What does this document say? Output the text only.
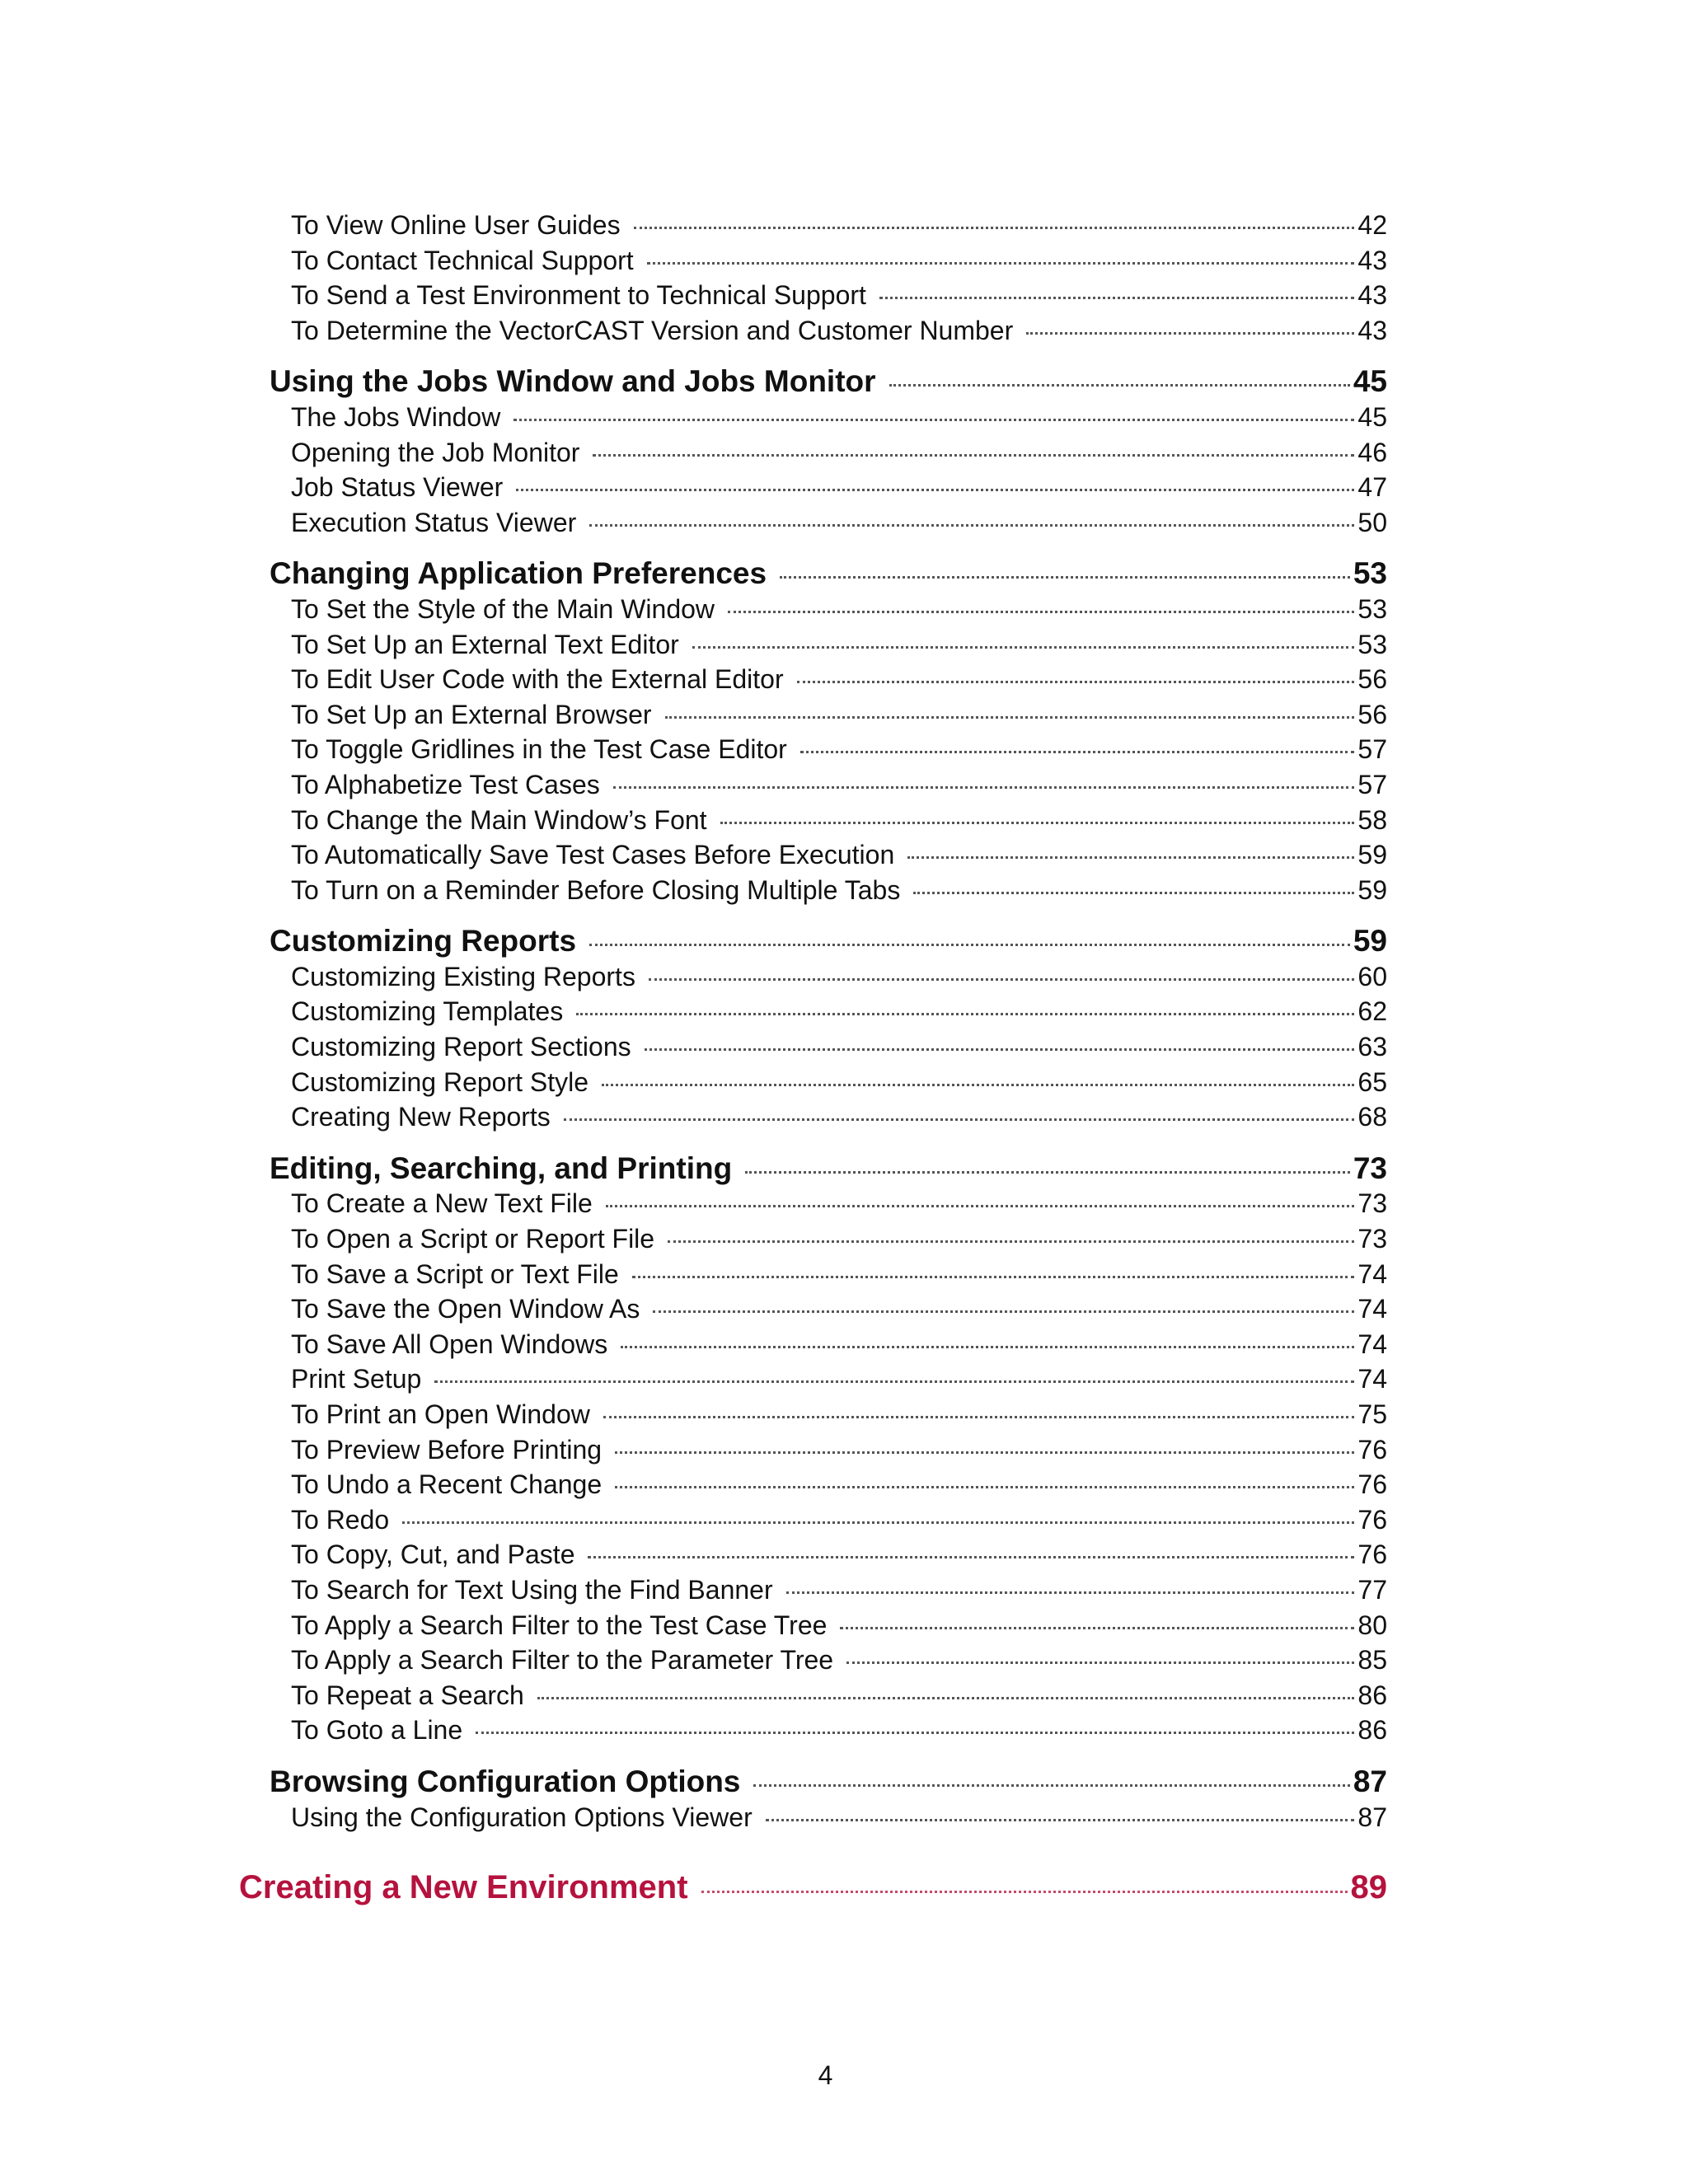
To View Online User Guides	42
To Contact Technical Support	43
To Send a Test Environment to Technical Support	43
To Determine the VectorCAST Version and Customer Number	43
Using the Jobs Window and Jobs Monitor	45
The Jobs Window	45
Opening the Job Monitor	46
Job Status Viewer	47
Execution Status Viewer	50
Changing Application Preferences	53
To Set the Style of the Main Window	53
To Set Up an External Text Editor	53
To Edit User Code with the External Editor	56
To Set Up an External Browser	56
To Toggle Gridlines in the Test Case Editor	57
To Alphabetize Test Cases	57
To Change the Main Window’s Font	58
To Automatically Save Test Cases Before Execution	59
To Turn on a Reminder Before Closing Multiple Tabs	59
Customizing Reports	59
Customizing Existing Reports	60
Customizing Templates	62
Customizing Report Sections	63
Customizing Report Style	65
Creating New Reports	68
Editing, Searching, and Printing	73
To Create a New Text File	73
To Open a Script or Report File	73
To Save a Script or Text File	74
To Save the Open Window As	74
To Save All Open Windows	74
Print Setup	74
To Print an Open Window	75
To Preview Before Printing	76
To Undo a Recent Change	76
To Redo	76
To Copy, Cut, and Paste	76
To Search for Text Using the Find Banner	77
To Apply a Search Filter to the Test Case Tree	80
To Apply a Search Filter to the Parameter Tree	85
To Repeat a Search	86
To Goto a Line	86
Browsing Configuration Options	87
Using the Configuration Options Viewer	87
Creating a New Environment	89
4
